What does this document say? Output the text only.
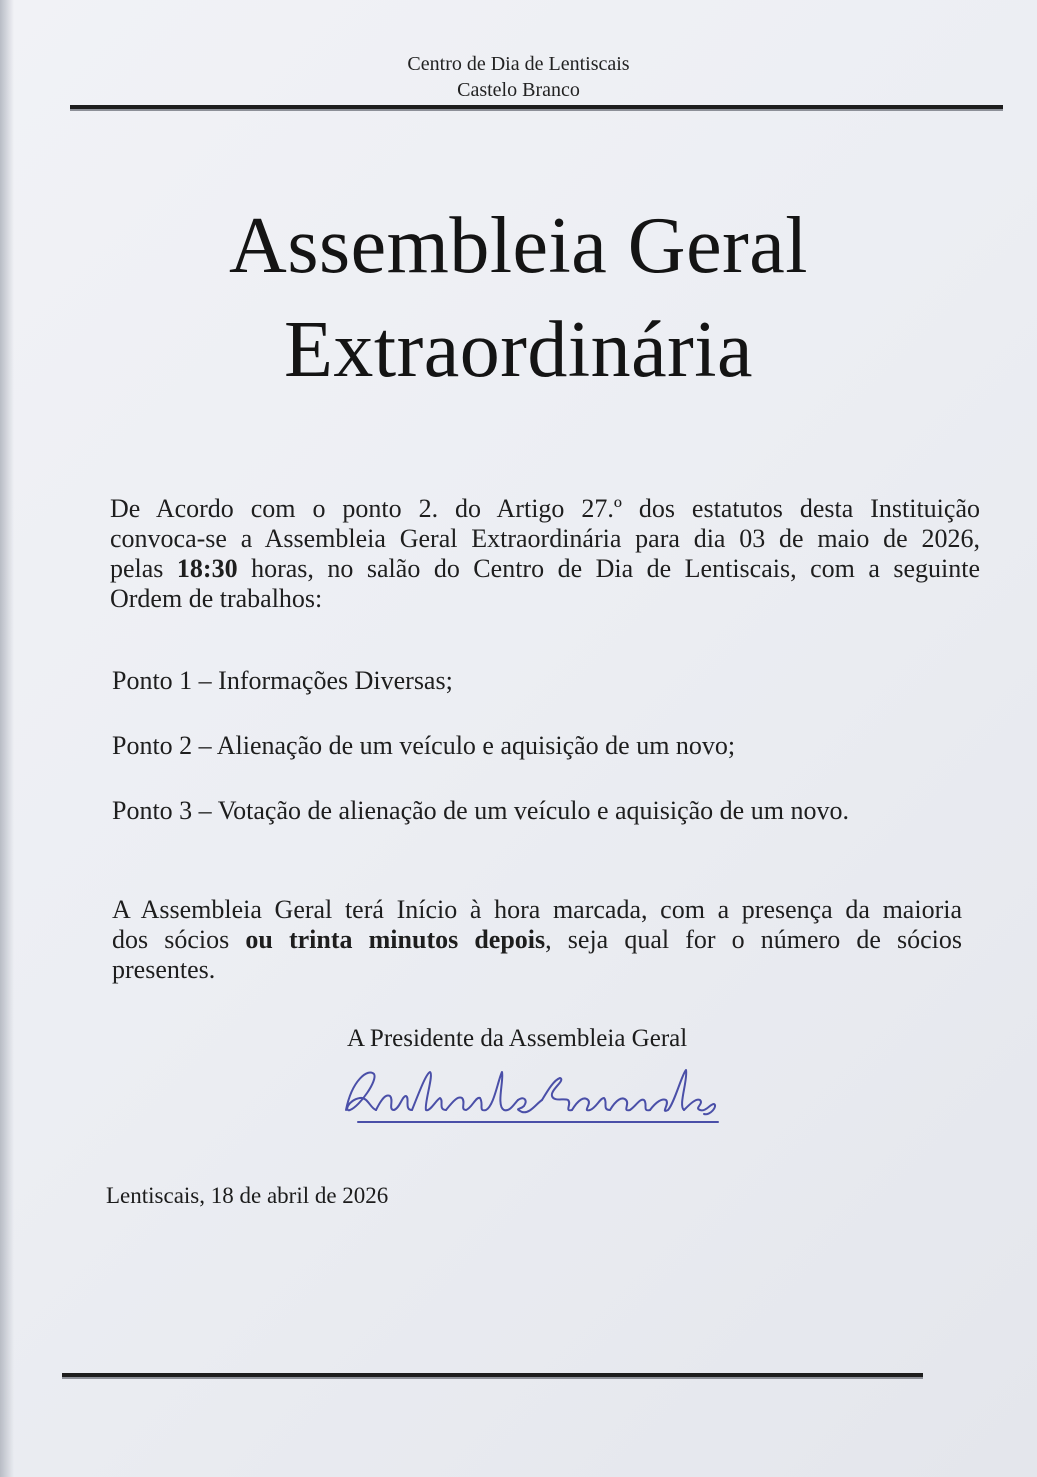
Centro de Dia de Lentiscais
Castelo Branco
Assembleia Geral
Extraordinária
De Acordo com o ponto 2. do Artigo 27.º dos estatutos desta Instituição
convoca-se a Assembleia Geral Extraordinária para dia 03 de maio de 2026,
pelas 18:30 horas, no salão do Centro de Dia de Lentiscais, com a seguinte
Ordem de trabalhos:
Ponto 1 – Informações Diversas;
Ponto 2 – Alienação de um veículo e aquisição de um novo;
Ponto 3 – Votação de alienação de um veículo e aquisição de um novo.
A Assembleia Geral terá Início à hora marcada, com a presença da maioria
dos sócios ou trinta minutos depois, seja qual for o número de sócios
presentes.
A Presidente da Assembleia Geral
Lentiscais, 18 de abril de 2026
